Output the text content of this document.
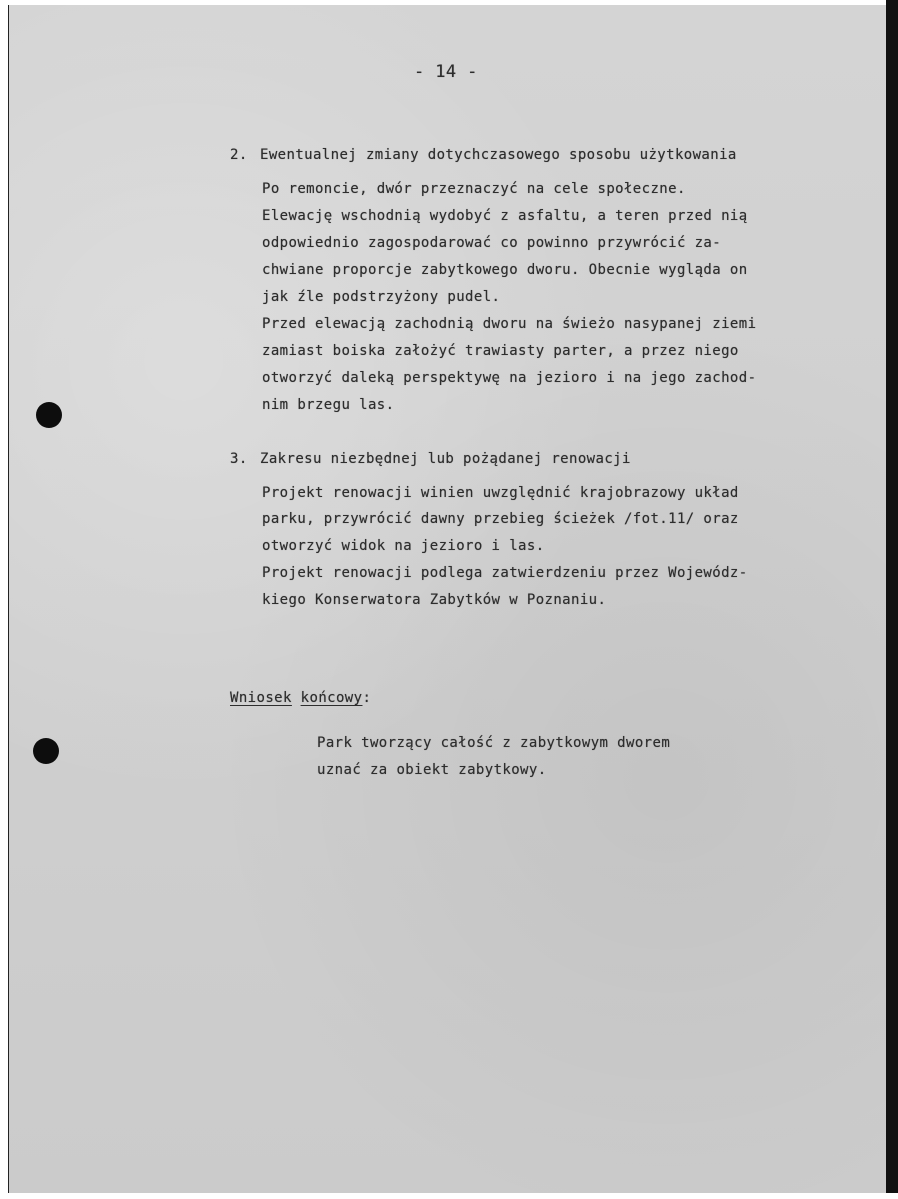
- 14 -

2. Ewentualnej zmiany dotychczasowego sposobu użytkowania

Po remoncie, dwór przeznaczyć na cele społeczne.

Elewację wschodnią wydobyć z asfaltu, a teren przed nią

odpowiednio zagospodarować co powinno przywrócić za-

chwiane proporcje zabytkowego dworu. Obecnie wygląda on

jak źle podstrzyżony pudel.

Przed elewacją zachodnią dworu na świeżo nasypanej ziemi

zamiast boiska założyć trawiasty parter, a przez niego

otworzyć daleką perspektywę na jezioro i na jego zachod-

nim brzegu las.

3. Zakresu niezbędnej lub pożądanej renowacji

Projekt renowacji winien uwzględnić krajobrazowy układ

parku, przywrócić dawny przebieg ścieżek /fot.11/ oraz

otworzyć widok na jezioro i las.

Projekt renowacji podlega zatwierdzeniu przez Wojewódz-

kiego Konserwatora Zabytków w Poznaniu.

Wniosek końcowy:

Park tworzący całość z zabytkowym dworem

uznać za obiekt zabytkowy.
